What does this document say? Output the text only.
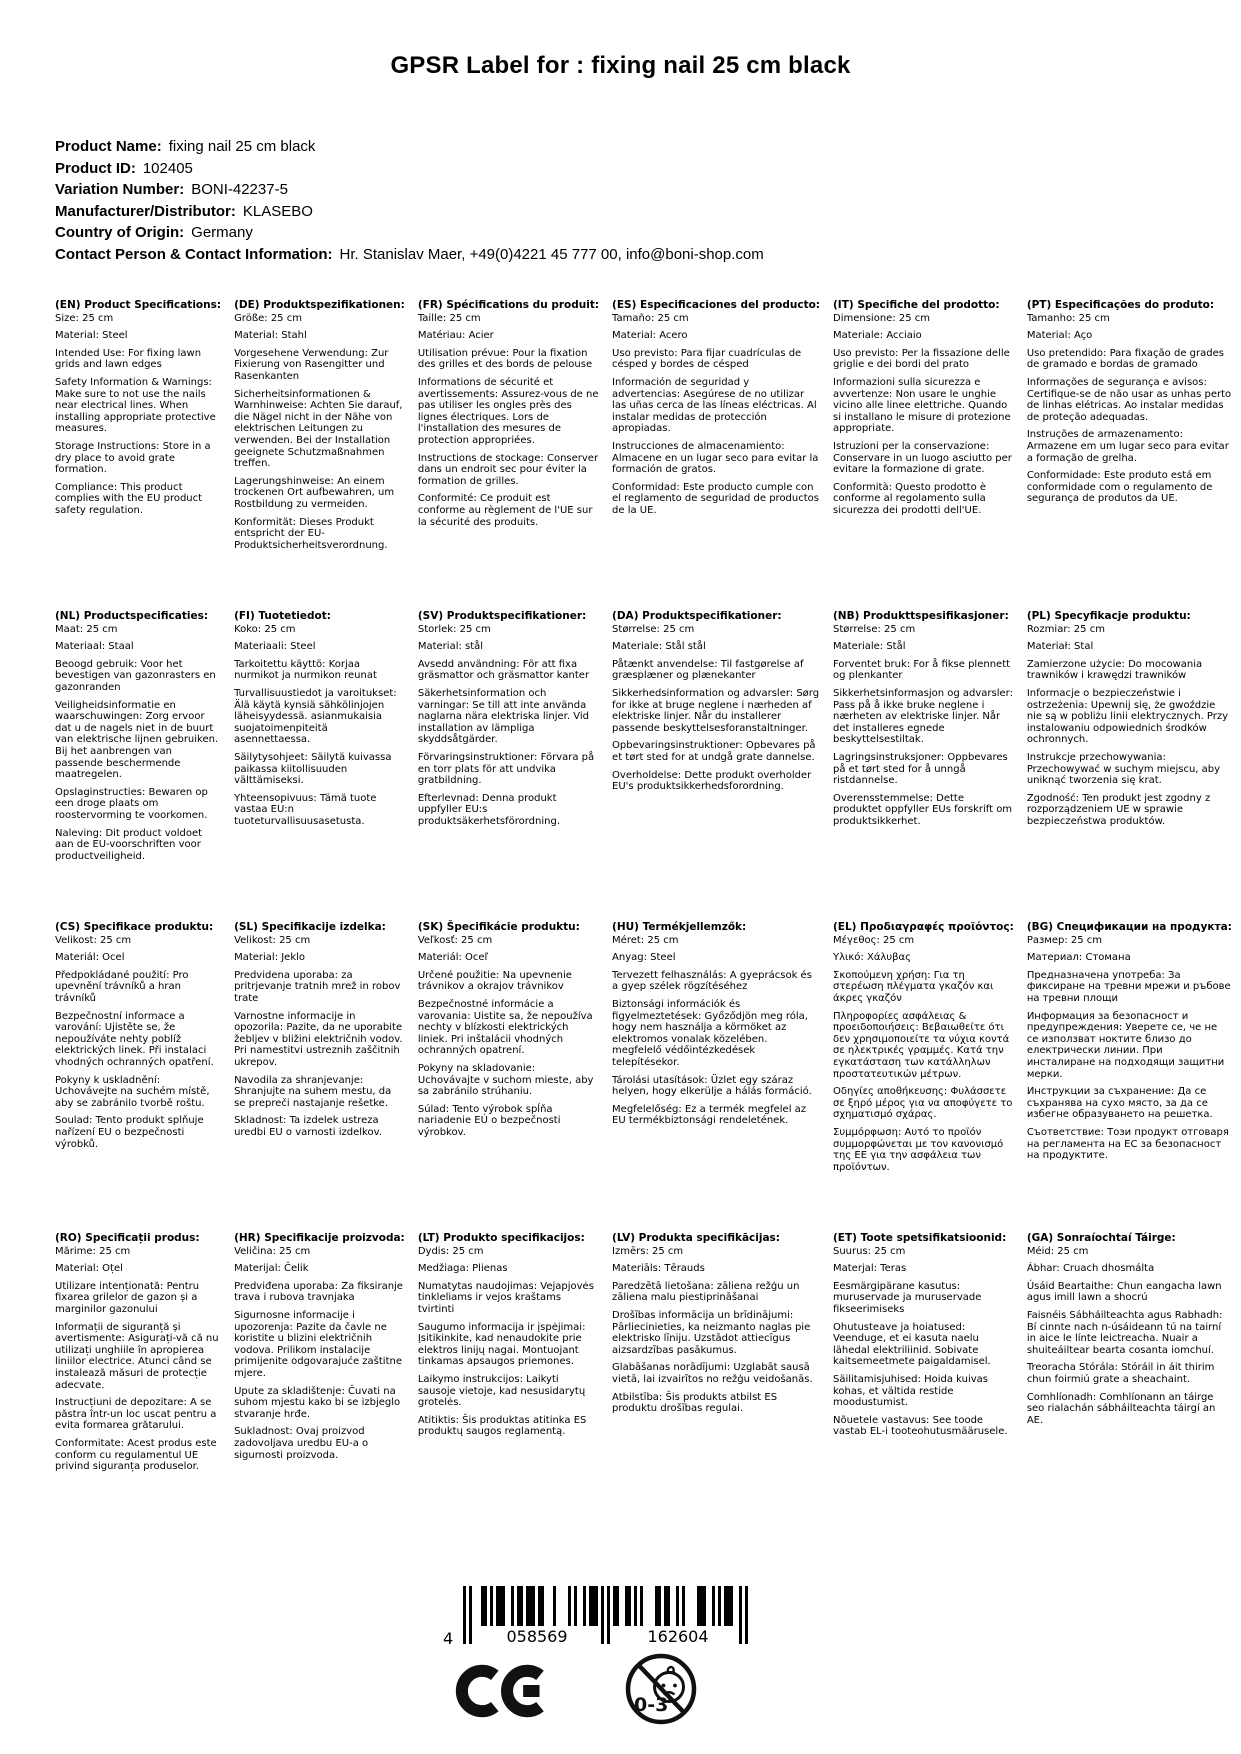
GPSR Label for : fixing nail 25 cm black
Product Name: fixing nail 25 cm black
Product ID: 102405
Variation Number: BONI-42237-5
Manufacturer/Distributor: KLASEBO
Country of Origin: Germany
Contact Person & Contact Information: Hr. Stanislav Maer, +49(0)4221 45 777 00, info@boni-shop.com
(EN) Product Specifications:

Size: 25 cm

Material: Steel

Intended Use: For fixing lawn grids and lawn edges

Safety Information & Warnings: Make sure to not use the nails near electrical lines. When installing appropriate protective measures.

Storage Instructions: Store in a dry place to avoid grate formation.

Compliance: This product complies with the EU product safety regulation.

(DE) Produktspezifikationen:

Größe: 25 cm

Material: Stahl

Vorgesehene Verwendung: Zur Fixierung von Rasengitter und Rasenkanten

Sicherheitsinformationen & Warnhinweise: Achten Sie darauf, die Nägel nicht in der Nähe von elektrischen Leitungen zu verwenden. Bei der Installation geeignete Schutzmaßnahmen treffen.

Lagerungshinweise: An einem trockenen Ort aufbewahren, um Rostbildung zu vermeiden.

Konformität: Dieses Produkt entspricht der EU-Produktsicherheitsverordnung.

(FR) Spécifications du produit:

Taille: 25 cm

Matériau: Acier

Utilisation prévue: Pour la fixation des grilles et des bords de pelouse

Informations de sécurité et avertissements: Assurez-vous de ne pas utiliser les ongles près des lignes électriques. Lors de l'installation des mesures de protection appropriées.

Instructions de stockage: Conserver dans un endroit sec pour éviter la formation de grilles.

Conformité: Ce produit est conforme au règlement de l'UE sur la sécurité des produits.

(ES) Especificaciones del producto:

Tamaño: 25 cm

Material: Acero

Uso previsto: Para fijar cuadrículas de césped y bordes de césped

Información de seguridad y advertencias: Asegúrese de no utilizar las uñas cerca de las líneas eléctricas. Al instalar medidas de protección apropiadas.

Instrucciones de almacenamiento: Almacene en un lugar seco para evitar la formación de gratos.

Conformidad: Este producto cumple con el reglamento de seguridad de productos de la UE.

(IT) Specifiche del prodotto:

Dimensione: 25 cm

Materiale: Acciaio

Uso previsto: Per la fissazione delle griglie e dei bordi del prato

Informazioni sulla sicurezza e avvertenze: Non usare le unghie vicino alle linee elettriche. Quando si installano le misure di protezione appropriate.

Istruzioni per la conservazione: Conservare in un luogo asciutto per evitare la formazione di grate.

Conformità: Questo prodotto è conforme al regolamento sulla sicurezza dei prodotti dell'UE.

(PT) Especificações do produto:

Tamanho: 25 cm

Material: Aço

Uso pretendido: Para fixação de grades de gramado e bordas de gramado

Informações de segurança e avisos: Certifique-se de não usar as unhas perto de linhas elétricas. Ao instalar medidas de proteção adequadas.

Instruções de armazenamento: Armazene em um lugar seco para evitar a formação de grelha.

Conformidade: Este produto está em conformidade com o regulamento de segurança de produtos da UE.

(NL) Productspecificaties:

Maat: 25 cm

Materiaal: Staal

Beoogd gebruik: Voor het bevestigen van gazonrasters en gazonranden

Veiligheidsinformatie en waarschuwingen: Zorg ervoor dat u de nagels niet in de buurt van elektrische lijnen gebruiken. Bij het aanbrengen van passende beschermende maatregelen.

Opslaginstructies: Bewaren op een droge plaats om roostervorming te voorkomen.

Naleving: Dit product voldoet aan de EU-voorschriften voor productveiligheid.

(FI) Tuotetiedot:

Koko: 25 cm

Materiaali: Steel

Tarkoitettu käyttö: Korjaa nurmikot ja nurmikon reunat

Turvallisuustiedot ja varoitukset: Älä käytä kynsiä sähkölinjojen läheisyydessä. asianmukaisia suojatoimenpiteitä asennettaessa.

Säilytysohjeet: Säilytä kuivassa paikassa kiitollisuuden välttämiseksi.

Yhteensopivuus: Tämä tuote vastaa EU:n tuoteturvallisuusasetusta.

(SV) Produktspecifikationer:

Storlek: 25 cm

Material: stål

Avsedd användning: För att fixa gräsmattor och gräsmattor kanter

Säkerhetsinformation och varningar: Se till att inte använda naglarna nära elektriska linjer. Vid installation av lämpliga skyddsåtgärder.

Förvaringsinstruktioner: Förvara på en torr plats för att undvika gratbildning.

Efterlevnad: Denna produkt uppfyller EU:s produktsäkerhetsförordning.

(DA) Produktspecifikationer:

Størrelse: 25 cm

Materiale: Stål stål

Påtænkt anvendelse: Til fastgørelse af græsplæner og plænekanter

Sikkerhedsinformation og advarsler: Sørg for ikke at bruge neglene i nærheden af elektriske linjer. Når du installerer passende beskyttelsesforanstaltninger.

Opbevaringsinstruktioner: Opbevares på et tørt sted for at undgå grate dannelse.

Overholdelse: Dette produkt overholder EU's produktsikkerhedsforordning.

(NB) Produkttspesifikasjoner:

Størrelse: 25 cm

Materiale: Stål

Forventet bruk: For å fikse plennett og plenkanter

Sikkerhetsinformasjon og advarsler: Pass på å ikke bruke neglene i nærheten av elektriske linjer. Når det installeres egnede beskyttelsestiltak.

Lagringsinstruksjoner: Oppbevares på et tørt sted for å unngå ristdannelse.

Overensstemmelse: Dette produktet oppfyller EUs forskrift om produktsikkerhet.

(PL) Specyfikacje produktu:

Rozmiar: 25 cm

Materiał: Stal

Zamierzone użycie: Do mocowania trawników i krawędzi trawników

Informacje o bezpieczeństwie i ostrzeżenia: Upewnij się, że gwoździe nie są w pobliżu linii elektrycznych. Przy instalowaniu odpowiednich środków ochronnych.

Instrukcje przechowywania: Przechowywać w suchym miejscu, aby uniknąć tworzenia się krat.

Zgodność: Ten produkt jest zgodny z rozporządzeniem UE w sprawie bezpieczeństwa produktów.

(CS) Specifikace produktu:

Velikost: 25 cm

Materiál: Ocel

Předpokládané použití: Pro upevnění trávníků a hran trávníků

Bezpečnostní informace a varování: Ujistěte se, že nepoužíváte nehty poblíž elektrických linek. Při instalaci vhodných ochranných opatření.

Pokyny k uskladnění: Uchovávejte na suchém místě, aby se zabránilo tvorbě roštu.

Soulad: Tento produkt splňuje nařízení EU o bezpečnosti výrobků.

(SL) Specifikacije izdelka:

Velikost: 25 cm

Material: Jeklo

Predvidena uporaba: za pritrjevanje tratnih mrež in robov trate

Varnostne informacije in opozorila: Pazite, da ne uporabite žebljev v bližini električnih vodov. Pri namestitvi ustreznih zaščitnih ukrepov.

Navodila za shranjevanje: Shranjujte na suhem mestu, da se prepreči nastajanje rešetke.

Skladnost: Ta izdelek ustreza uredbi EU o varnosti izdelkov.

(SK) Špecifikácie produktu:

Veľkosť: 25 cm

Materiál: Oceľ

Určené použitie: Na upevnenie trávnikov a okrajov trávnikov

Bezpečnostné informácie a varovania: Uistite sa, že nepoužíva nechty v blízkosti elektrických liniek. Pri inštalácii vhodných ochranných opatrení.

Pokyny na skladovanie: Uchovávajte v suchom mieste, aby sa zabránilo strúhaniu.

Súlad: Tento výrobok spĺňa nariadenie EÚ o bezpečnosti výrobkov.

(HU) Termékjellemzők:

Méret: 25 cm

Anyag: Steel

Tervezett felhasználás: A gyeprácsok és a gyep szélek rögzítéséhez

Biztonsági információk és figyelmeztetések: Győződjön meg róla, hogy nem használja a körmöket az elektromos vonalak közelében. megfelelő védőintézkedések telepítésekor.

Tárolási utasítások: Üzlet egy száraz helyen, hogy elkerülje a hálás formáció.

Megfelelőség: Ez a termék megfelel az EU termékbiztonsági rendeletének.

(EL) Προδιαγραφές προϊόντος:

Μέγεθος: 25 cm

Υλικό: Χάλυβας

Σκοπούμενη χρήση: Για τη στερέωση πλέγματα γκαζόν και άκρες γκαζόν

Πληροφορίες ασφάλειας & προειδοποιήσεις: Βεβαιωθείτε ότι δεν χρησιμοποιείτε τα νύχια κοντά σε ηλεκτρικές γραμμές. Κατά την εγκατάσταση των κατάλληλων προστατευτικών μέτρων.

Οδηγίες αποθήκευσης: Φυλάσσετε σε ξηρό μέρος για να αποφύγετε το σχηματισμό σχάρας.

Συμμόρφωση: Αυτό το προϊόν συμμορφώνεται με τον κανονισμό της ΕΕ για την ασφάλεια των προϊόντων.

(BG) Спецификации на продукта:

Размер: 25 cm

Материал: Стомана

Предназначена употреба: За фиксиране на тревни мрежи и ръбове на тревни площи

Информация за безопасност и предупреждения: Уверете се, че не се използват ноктите близо до електрически линии. При инсталиране на подходящи защитни мерки.

Инструкции за съхранение: Да се съхранява на сухо място, за да се избегне образуването на решетка.

Съответствие: Този продукт отговаря на регламента на ЕС за безопасност на продуктите.

(RO) Specificații produs:

Mărime: 25 cm

Material: Oțel

Utilizare intenționată: Pentru fixarea grilelor de gazon și a marginilor gazonului

Informații de siguranță și avertismente: Asigurați-vă că nu utilizați unghiile în apropierea liniilor electrice. Atunci când se instalează măsuri de protecție adecvate.

Instrucțiuni de depozitare: A se păstra într-un loc uscat pentru a evita formarea grătarului.

Conformitate: Acest produs este conform cu regulamentul UE privind siguranța produselor.

(HR) Specifikacije proizvoda:

Veličina: 25 cm

Materijal: Čelik

Predviđena uporaba: Za fiksiranje trava i rubova travnjaka

Sigurnosne informacije i upozorenja: Pazite da čavle ne koristite u blizini električnih vodova. Prilikom instalacije primijenite odgovarajuće zaštitne mjere.

Upute za skladištenje: Čuvati na suhom mjestu kako bi se izbjeglo stvaranje hrđe.

Sukladnost: Ovaj proizvod zadovoljava uredbu EU-a o sigurnosti proizvoda.

(LT) Produkto specifikacijos:

Dydis: 25 cm

Medžiaga: Plienas

Numatytas naudojimas: Vejapjovės tinkleliams ir vejos kraštams tvirtinti

Saugumo informacija ir įspėjimai: Įsitikinkite, kad nenaudokite prie elektros linijų nagai. Montuojant tinkamas apsaugos priemones.

Laikymo instrukcijos: Laikyti sausoje vietoje, kad nesusidarytų grotelės.

Atitiktis: Šis produktas atitinka ES produktų saugos reglamentą.

(LV) Produkta specifikācijas:

Izmērs: 25 cm

Materiāls: Tērauds

Paredzētā lietošana: zāliena režģu un zāliena malu piestiprināšanai

Drošības informācija un brīdinājumi: Pārliecinieties, ka neizmanto naglas pie elektrisko līniju. Uzstādot attiecīgus aizsardzības pasākumus.

Glabāšanas norādījumi: Uzglabāt sausā vietā, lai izvairītos no režģu veidošanās.

Atbilstība: Šis produkts atbilst ES produktu drošības regulai.

(ET) Toote spetsifikatsioonid:

Suurus: 25 cm

Materjal: Teras

Eesmärgipärane kasutus: muruservade ja muruservade fikseerimiseks

Ohutusteave ja hoiatused: Veenduge, et ei kasuta naelu lähedal elektriliinid. Sobivate kaitsemeetmete paigaldamisel.

Säilitamisjuhised: Hoida kuivas kohas, et vältida restide moodustumist.

Nõuetele vastavus: See toode vastab EL-i tooteohutusmäärusele.

(GA) Sonraíochtaí Táirge:

Méid: 25 cm

Ábhar: Cruach dhosmálta

Úsáid Beartaithe: Chun eangacha lawn agus imill lawn a shocrú

Faisnéis Sábháilteachta agus Rabhadh: Bí cinnte nach n-úsáideann tú na tairní in aice le línte leictreacha. Nuair a shuiteáiltear bearta cosanta iomchuí.

Treoracha Stórála: Stóráil in áit thirim chun foirmiú grate a sheachaint.

Comhlíonadh: Comhlíonann an táirge seo rialachán sábháilteachta táirgí an AE.

4	058569	162604
0-3
